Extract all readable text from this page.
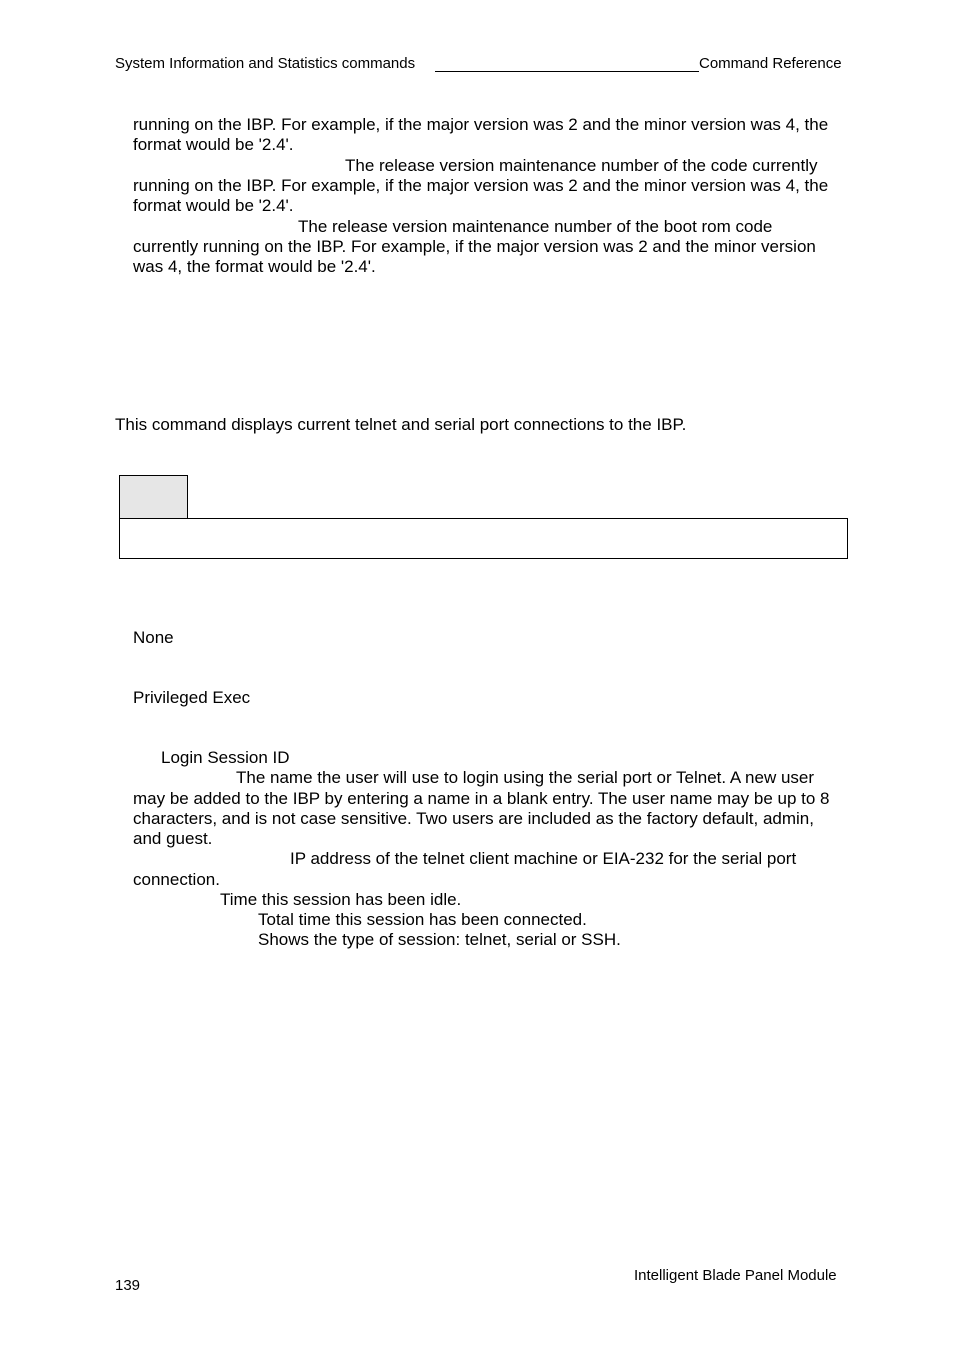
System Information and Statistics commands	Command Reference
running on the IBP. For example, if the major version was 2 and the minor version was 4, the
format would be '2.4'.
The release version maintenance number of the code currently
running on the IBP. For example, if the major version was 2 and the minor version was 4, the
format would be '2.4'.
The release version maintenance number of the boot rom code
currently running on the IBP. For example, if the major version was 2 and the minor version
was 4, the format would be '2.4'.
This command displays current telnet and serial port connections to the IBP.
None
Privileged Exec
Login Session ID
The name the user will use to login using the serial port or Telnet. A new user
may be added to the IBP by entering a name in a blank entry. The user name may be up to 8
characters, and is not case sensitive. Two users are included as the factory default, admin,
and guest.
IP address of the telnet client machine or EIA-232 for the serial port
connection.
Time this session has been idle.
Total time this session has been connected.
Shows the type of session: telnet, serial or SSH.
139
Intelligent Blade Panel Module
